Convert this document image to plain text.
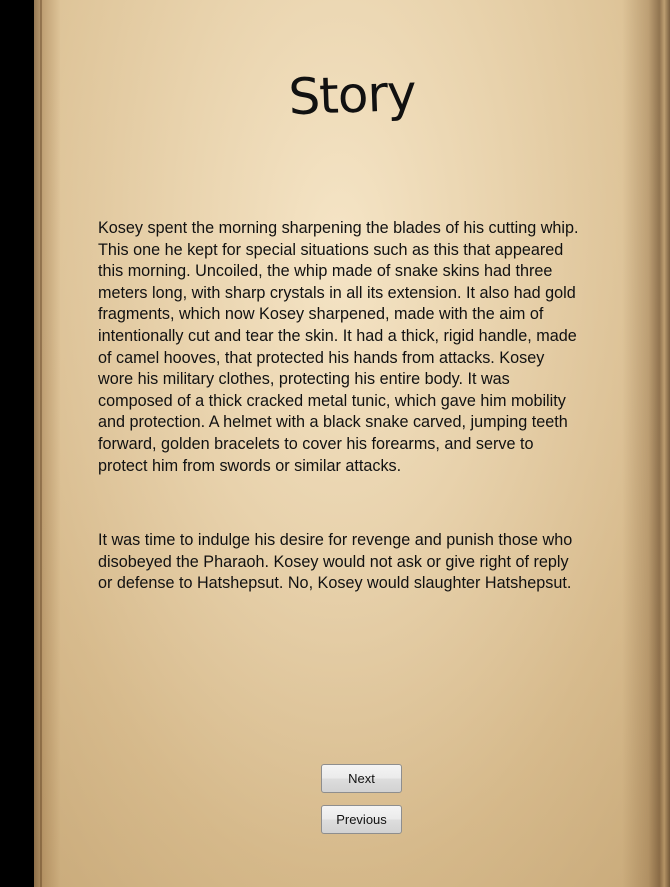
Story

Kosey spent the morning sharpening the blades of his cutting whip. This one he kept for special situations such as this that appeared this morning. Uncoiled, the whip made of snake skins had three meters long, with sharp crystals in all its extension. It also had gold fragments, which now Kosey sharpened, made with the aim of intentionally cut and tear the skin. It had a thick, rigid handle, made of camel hooves, that protected his hands from attacks. Kosey wore his military clothes, protecting his entire body. It was composed of a thick cracked metal tunic, which gave him mobility and protection. A helmet with a black snake carved, jumping teeth forward, golden bracelets to cover his forearms, and serve to protect him from swords or similar attacks.

It was time to indulge his desire for revenge and punish those who disobeyed the Pharaoh. Kosey would not ask or give right of reply or defense to Hatshepsut. No, Kosey would slaughter Hatshepsut.

Next
Previous
